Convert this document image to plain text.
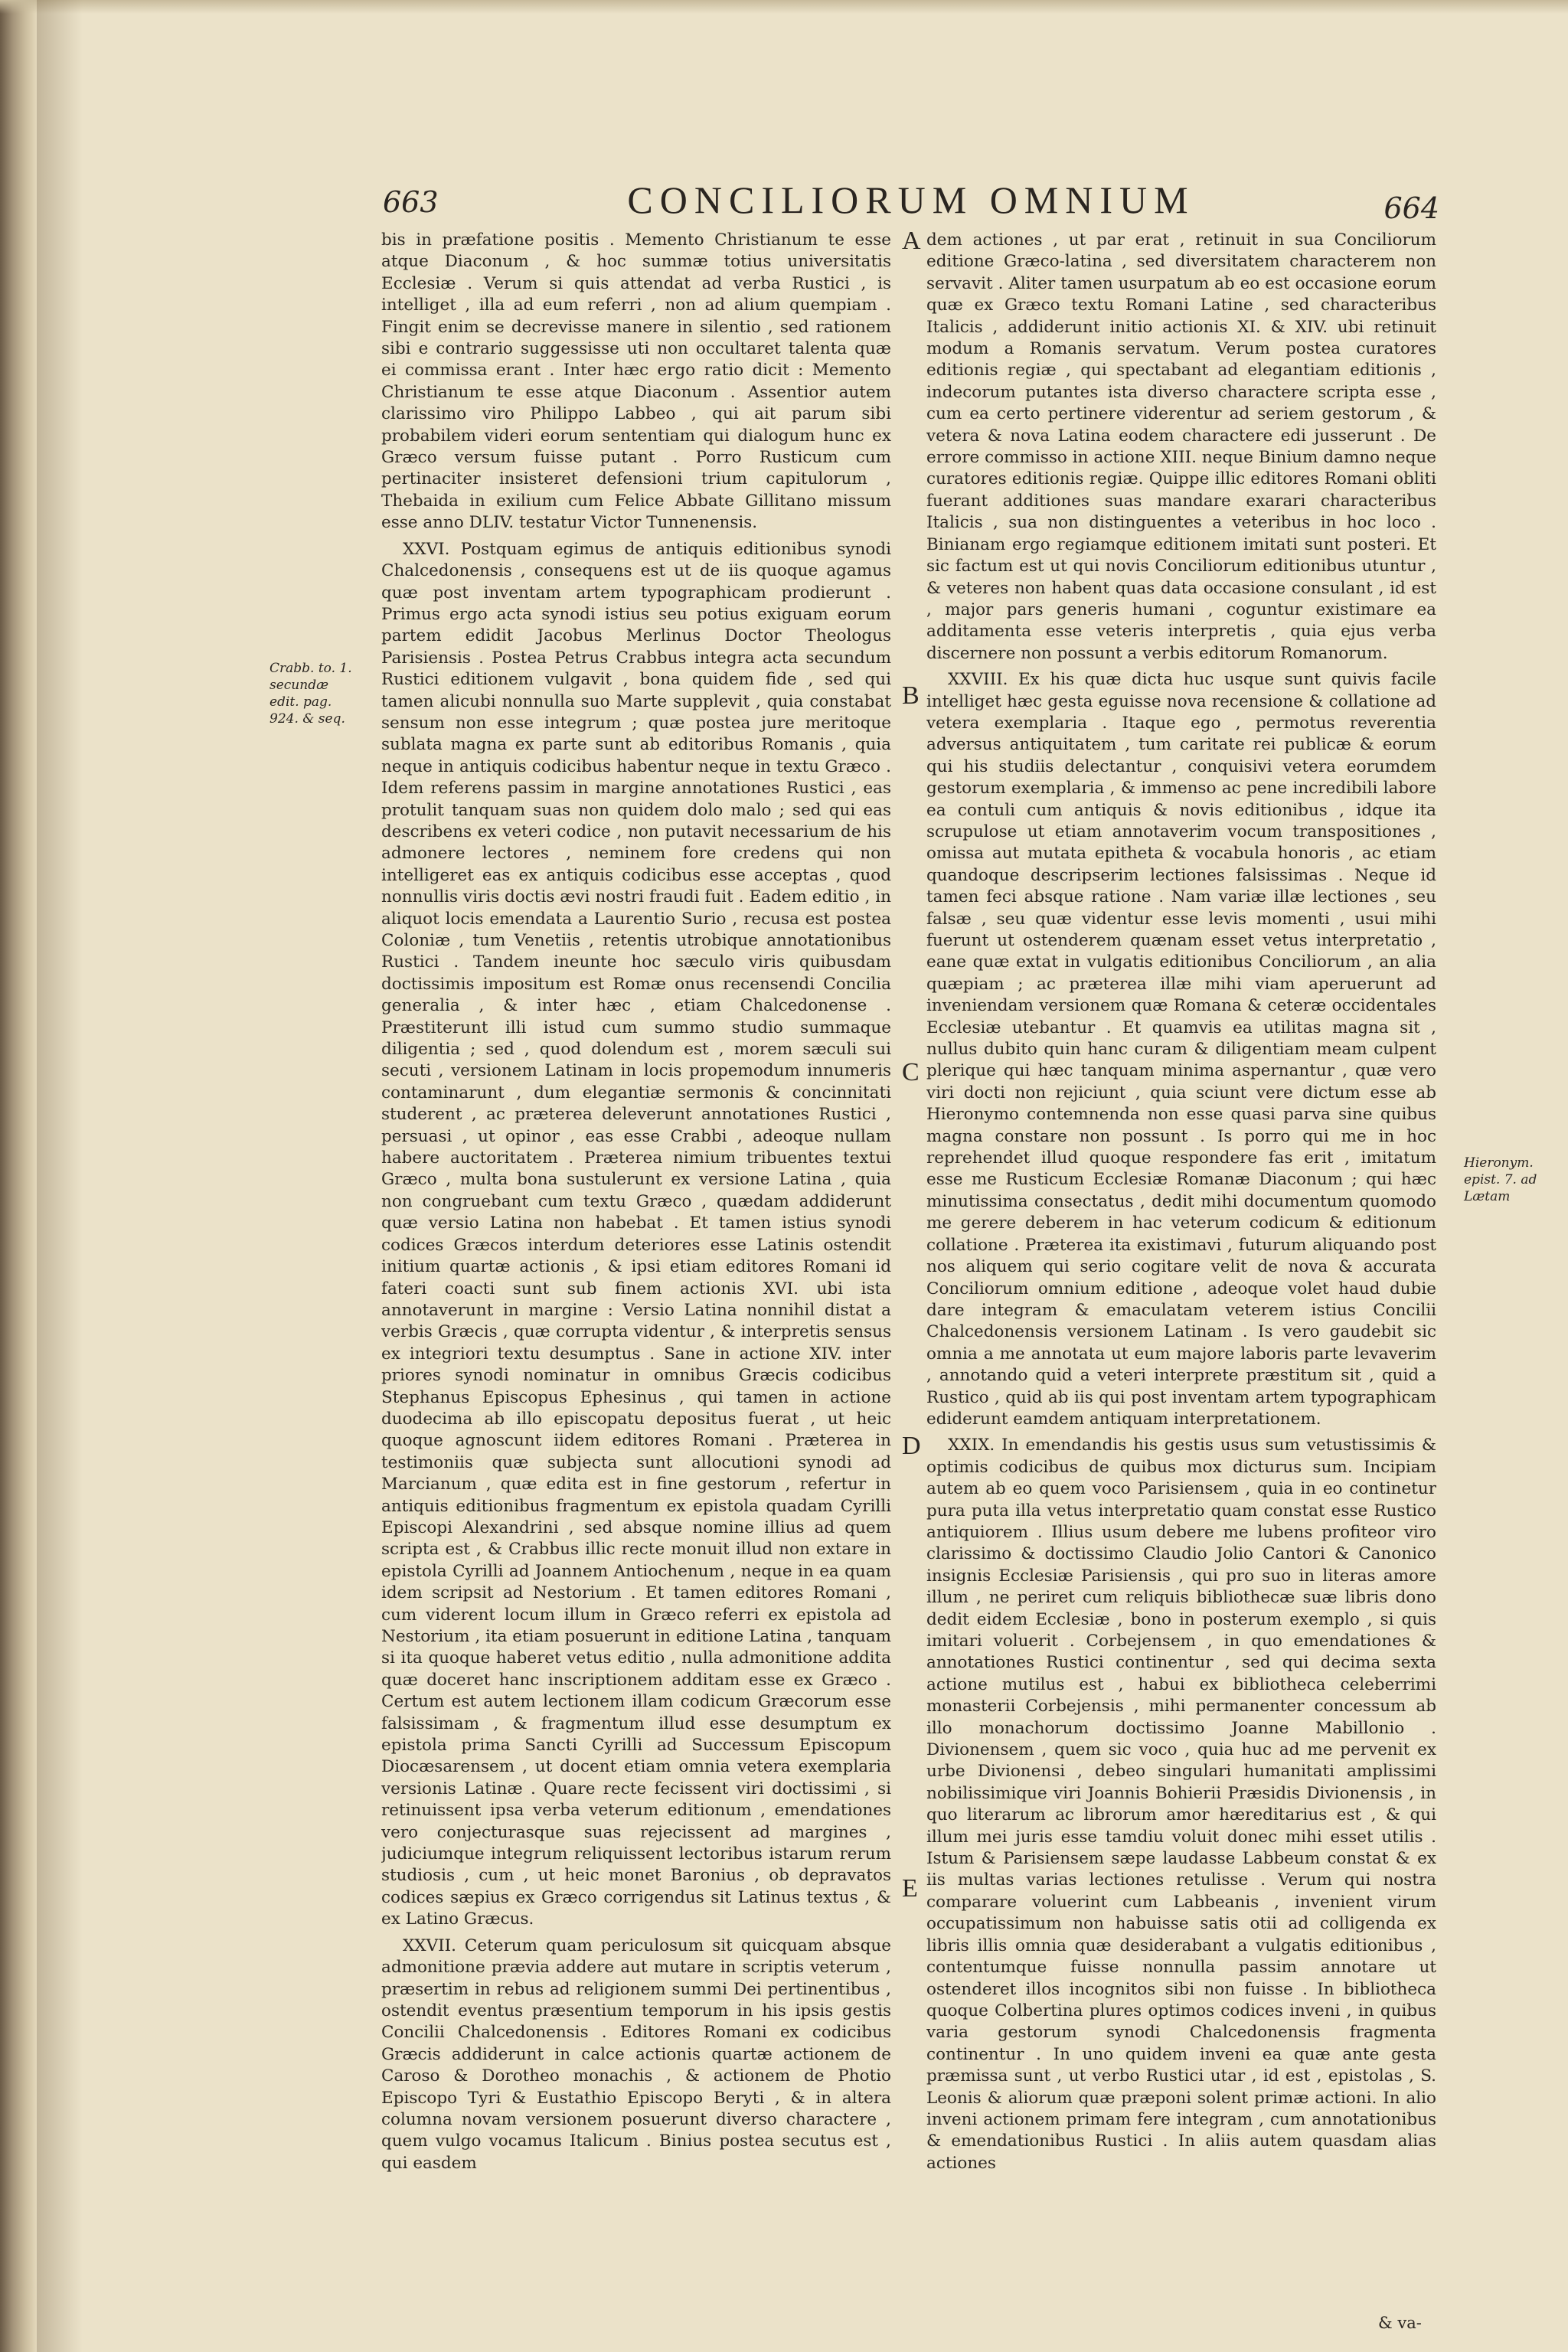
663	CONCILIORUM OMNIUM	664
Crabb. to. 1. secundæ edit. pag. 924. & seq.
Hieronym. epist. 7. ad Lætam

bis in præfatione positis . Memento Christianum te esse atque Diaconum , & hoc summæ totius universitatis Ecclesiæ . Verum si quis attendat ad verba Rustici , is intelliget , illa ad eum referri , non ad alium quempiam . Fingit enim se decrevisse manere in silentio , sed rationem sibi e contrario suggessisse uti non occultaret talenta quæ ei commissa erant . Inter hæc ergo ratio dicit : Memento Christianum te esse atque Diaconum . Assentior autem clarissimo viro Philippo Labbeo , qui ait parum sibi probabilem videri eorum sententiam qui dialogum hunc ex Græco versum fuisse putant . Porro Rusticum cum pertinaciter insisteret defensioni trium capitulorum , Thebaida in exilium cum Felice Abbate Gillitano missum esse anno DLIV. testatur Victor Tunnenensis.

XXVI. Postquam egimus de antiquis editionibus synodi Chalcedonensis , consequens est ut de iis quoque agamus quæ post inventam artem typographicam prodierunt . Primus ergo acta synodi istius seu potius exiguam eorum partem edidit Jacobus Merlinus Doctor Theologus Parisiensis . Postea Petrus Crabbus integra acta secundum Rustici editionem vulgavit , bona quidem fide , sed qui tamen alicubi nonnulla suo Marte supplevit , quia constabat sensum non esse integrum ; quæ postea jure meritoque sublata magna ex parte sunt ab editoribus Romanis , quia neque in antiquis codicibus habentur neque in textu Græco . Idem referens passim in margine annotationes Rustici , eas protulit tanquam suas non quidem dolo malo ; sed qui eas describens ex veteri codice , non putavit necessarium de his admonere lectores , neminem fore credens qui non intelligeret eas ex antiquis codicibus esse acceptas , quod nonnullis viris doctis ævi nostri fraudi fuit . Eadem editio , in aliquot locis emendata a Laurentio Surio , recusa est postea Coloniæ , tum Venetiis , retentis utrobique annotationibus Rustici . Tandem ineunte hoc sæculo viris quibusdam doctissimis impositum est Romæ onus recensendi Concilia generalia , & inter hæc , etiam Chalcedonense . Præstiterunt illi istud cum summo studio summaque diligentia ; sed , quod dolendum est , morem sæculi sui secuti , versionem Latinam in locis propemodum innumeris contaminarunt , dum elegantiæ sermonis & concinnitati studerent , ac præterea deleverunt annotationes Rustici , persuasi , ut opinor , eas esse Crabbi , adeoque nullam habere auctoritatem . Præterea nimium tribuentes textui Græco , multa bona sustulerunt ex versione Latina , quia non congruebant cum textu Græco , quædam addiderunt quæ versio Latina non habebat . Et tamen istius synodi codices Græcos interdum deteriores esse Latinis ostendit initium quartæ actionis , & ipsi etiam editores Romani id fateri coacti sunt sub finem actionis XVI. ubi ista annotaverunt in margine : Versio Latina nonnihil distat a verbis Græcis , quæ corrupta videntur , & interpretis sensus ex integriori textu desumptus . Sane in actione XIV. inter priores synodi nominatur in omnibus Græcis codicibus Stephanus Episcopus Ephesinus , qui tamen in actione duodecima ab illo episcopatu depositus fuerat , ut heic quoque agnoscunt iidem editores Romani . Præterea in testimoniis quæ subjecta sunt allocutioni synodi ad Marcianum , quæ edita est in fine gestorum , refertur in antiquis editionibus fragmentum ex epistola quadam Cyrilli Episcopi Alexandrini , sed absque nomine illius ad quem scripta est , & Crabbus illic recte monuit illud non extare in epistola Cyrilli ad Joannem Antiochenum , neque in ea quam idem scripsit ad Nestorium . Et tamen editores Romani , cum viderent locum illum in Græco referri ex epistola ad Nestorium , ita etiam posuerunt in editione Latina , tanquam si ita quoque haberet vetus editio , nulla admonitione addita quæ doceret hanc inscriptionem additam esse ex Græco . Certum est autem lectionem illam codicum Græcorum esse falsissimam , & fragmentum illud esse desumptum ex epistola prima Sancti Cyrilli ad Successum Episcopum Diocæsarensem , ut docent etiam omnia vetera exemplaria versionis Latinæ . Quare recte fecissent viri doctissimi , si retinuissent ipsa verba veterum editionum , emendationes vero conjecturasque suas rejecissent ad margines , judiciumque integrum reliquissent lectoribus istarum rerum studiosis , cum , ut heic monet Baronius , ob depravatos codices sæpius ex Græco corrigendus sit Latinus textus , & ex Latino Græcus.

XXVII. Ceterum quam periculosum sit quicquam absque admonitione prævia addere aut mutare in scriptis veterum , præsertim in rebus ad religionem summi Dei pertinentibus , ostendit eventus præsentium temporum in his ipsis gestis Concilii Chalcedonensis . Editores Romani ex codicibus Græcis addiderunt in calce actionis quartæ actionem de Caroso & Dorotheo monachis , & actionem de Photio Episcopo Tyri & Eustathio Episcopo Beryti , & in altera columna novam versionem posuerunt diverso charactere , quem vulgo vocamus Italicum . Binius postea secutus est , qui easdem

A
B
C
D
E

dem actiones , ut par erat , retinuit in sua Conciliorum editione Græco-latina , sed diversitatem characterem non servavit . Aliter tamen usurpatum ab eo est occasione eorum quæ ex Græco textu Romani Latine , sed characteribus Italicis , addiderunt initio actionis XI. & XIV. ubi retinuit modum a Romanis servatum. Verum postea curatores editionis regiæ , qui spectabant ad elegantiam editionis , indecorum putantes ista diverso charactere scripta esse , cum ea certo pertinere viderentur ad seriem gestorum , & vetera & nova Latina eodem charactere edi jusserunt . De errore commisso in actione XIII. neque Binium damno neque curatores editionis regiæ. Quippe illic editores Romani obliti fuerant additiones suas mandare exarari characteribus Italicis , sua non distinguentes a veteribus in hoc loco . Binianam ergo regiamque editionem imitati sunt posteri. Et sic factum est ut qui novis Conciliorum editionibus utuntur , & veteres non habent quas data occasione consulant , id est , major pars generis humani , coguntur existimare ea additamenta esse veteris interpretis , quia ejus verba discernere non possunt a verbis editorum Romanorum.

XXVIII. Ex his quæ dicta huc usque sunt quivis facile intelliget hæc gesta eguisse nova recensione & collatione ad vetera exemplaria . Itaque ego , permotus reverentia adversus antiquitatem , tum caritate rei publicæ & eorum qui his studiis delectantur , conquisivi vetera eorumdem gestorum exemplaria , & immenso ac pene incredibili labore ea contuli cum antiquis & novis editionibus , idque ita scrupulose ut etiam annotaverim vocum transpositiones , omissa aut mutata epitheta & vocabula honoris , ac etiam quandoque descripserim lectiones falsissimas . Neque id tamen feci absque ratione . Nam variæ illæ lectiones , seu falsæ , seu quæ videntur esse levis momenti , usui mihi fuerunt ut ostenderem quænam esset vetus interpretatio , eane quæ extat in vulgatis editionibus Conciliorum , an alia quæpiam ; ac præterea illæ mihi viam aperuerunt ad inveniendam versionem quæ Romana & ceteræ occidentales Ecclesiæ utebantur . Et quamvis ea utilitas magna sit , nullus dubito quin hanc curam & diligentiam meam culpent plerique qui hæc tanquam minima aspernantur , quæ vero viri docti non rejiciunt , quia sciunt vere dictum esse ab Hieronymo contemnenda non esse quasi parva sine quibus magna constare non possunt . Is porro qui me in hoc reprehendet illud quoque respondere fas erit , imitatum esse me Rusticum Ecclesiæ Romanæ Diaconum ; qui hæc minutissima consectatus , dedit mihi documentum quomodo me gerere deberem in hac veterum codicum & editionum collatione . Præterea ita existimavi , futurum aliquando post nos aliquem qui serio cogitare velit de nova & accurata Conciliorum omnium editione , adeoque volet haud dubie dare integram & emaculatam veterem istius Concilii Chalcedonensis versionem Latinam . Is vero gaudebit sic omnia a me annotata ut eum majore laboris parte levaverim , annotando quid a veteri interprete præstitum sit , quid a Rustico , quid ab iis qui post inventam artem typographicam ediderunt eamdem antiquam interpretationem.

XXIX. In emendandis his gestis usus sum vetustissimis & optimis codicibus de quibus mox dicturus sum. Incipiam autem ab eo quem voco Parisiensem , quia in eo continetur pura puta illa vetus interpretatio quam constat esse Rustico antiquiorem . Illius usum debere me lubens profiteor viro clarissimo & doctissimo Claudio Jolio Cantori & Canonico insignis Ecclesiæ Parisiensis , qui pro suo in literas amore illum , ne periret cum reliquis bibliothecæ suæ libris dono dedit eidem Ecclesiæ , bono in posterum exemplo , si quis imitari voluerit . Corbejensem , in quo emendationes & annotationes Rustici continentur , sed qui decima sexta actione mutilus est , habui ex bibliotheca celeberrimi monasterii Corbejensis , mihi permanenter concessum ab illo monachorum doctissimo Joanne Mabillonio . Divionensem , quem sic voco , quia huc ad me pervenit ex urbe Divionensi , debeo singulari humanitati amplissimi nobilissimique viri Joannis Bohierii Præsidis Divionensis , in quo literarum ac librorum amor hæreditarius est , & qui illum mei juris esse tamdiu voluit donec mihi esset utilis . Istum & Parisiensem sæpe laudasse Labbeum constat & ex iis multas varias lectiones retulisse . Verum qui nostra comparare voluerint cum Labbeanis , invenient virum occupatissimum non habuisse satis otii ad colligenda ex libris illis omnia quæ desiderabant a vulgatis editionibus , contentumque fuisse nonnulla passim annotare ut ostenderet illos incognitos sibi non fuisse . In bibliotheca quoque Colbertina plures optimos codices inveni , in quibus varia gestorum synodi Chalcedonensis fragmenta continentur . In uno quidem inveni ea quæ ante gesta præmissa sunt , ut verbo Rustici utar , id est , epistolas , S. Leonis & aliorum quæ præponi solent primæ actioni. In alio inveni actionem primam fere integram , cum annotationibus & emendationibus Rustici . In aliis autem quasdam alias actiones

& va-
